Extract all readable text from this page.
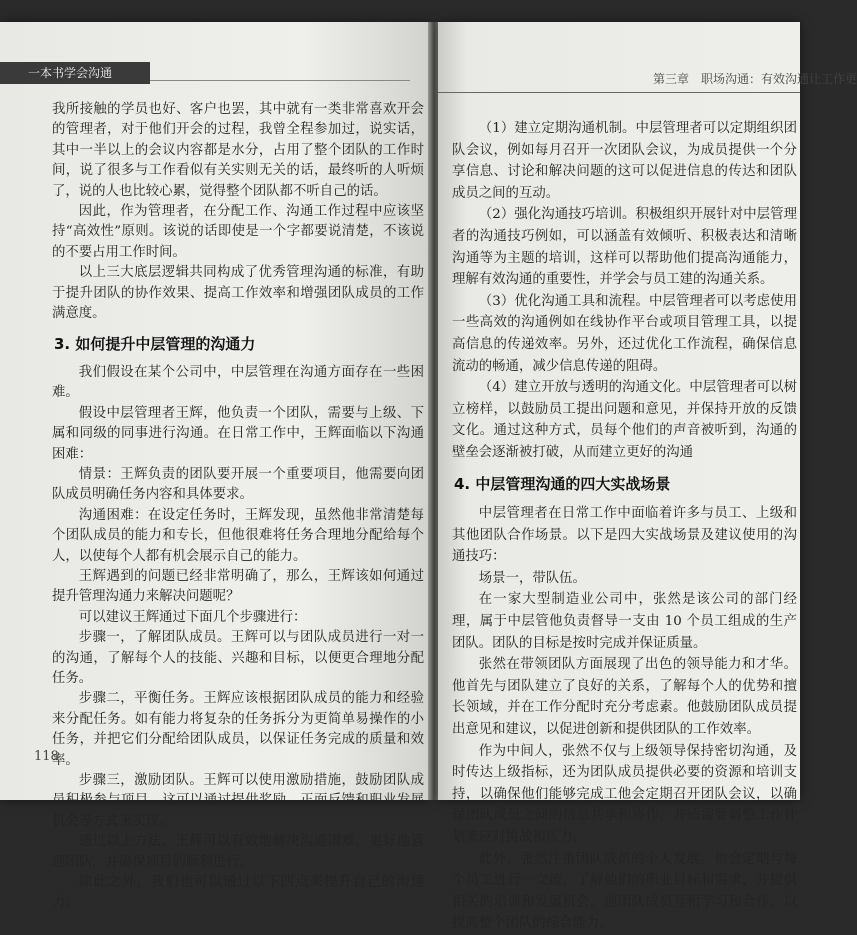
一本书学会沟通

我所接触的学员也好、客户也罢，其中就有一类非常喜欢开会的管理者，对于他们开会的过程，我曾全程参加过，说实话，其中一半以上的会议内容都是水分，占用了整个团队的工作时间，说了很多与工作看似有关实则无关的话，最终听的人听烦了，说的人也比较心累，觉得整个团队都不听自己的话。

因此，作为管理者，在分配工作、沟通工作过程中应该坚持“高效性”原则。该说的话即使是一个字都要说清楚，不该说的不要占用工作时间。

以上三大底层逻辑共同构成了优秀管理沟通的标准，有助于提升团队的协作效果、提高工作效率和增强团队成员的工作满意度。

3. 如何提升中层管理的沟通力

我们假设在某个公司中，中层管理在沟通方面存在一些困难。

假设中层管理者王辉，他负责一个团队，需要与上级、下属和同级的同事进行沟通。在日常工作中，王辉面临以下沟通困难：

情景：王辉负责的团队要开展一个重要项目，他需要向团队成员明确任务内容和具体要求。

沟通困难：在设定任务时，王辉发现，虽然他非常清楚每个团队成员的能力和专长，但他很难将任务合理地分配给每个人，以使每个人都有机会展示自己的能力。

王辉遇到的问题已经非常明确了，那么，王辉该如何通过提升管理沟通力来解决问题呢？

可以建议王辉通过下面几个步骤进行：

步骤一，了解团队成员。王辉可以与团队成员进行一对一的沟通，了解每个人的技能、兴趣和目标，以便更合理地分配任务。

步骤二，平衡任务。王辉应该根据团队成员的能力和经验来分配任务。如有能力将复杂的任务拆分为更简单易操作的小任务，并把它们分配给团队成员，以保证任务完成的质量和效率。

步骤三，激励团队。王辉可以使用激励措施，鼓励团队成员积极参与项目。这可以通过提供奖励、正面反馈和职业发展机会等方式来实现。

通过以上方法，王辉可以有效地解决沟通困难，更好地管理团队，并确保项目的顺利进行。

除此之外，我们也可以通过以下四点来提升自己的沟通力：

118
第三章　职场沟通：有效沟通让工作更

（1）建立定期沟通机制。中层管理者可以定期组织团队会议，例如每月召开一次团队会议，为成员提供一个分享信息、讨论和解决问题的这可以促进信息的传达和团队成员之间的互动。

（2）强化沟通技巧培训。积极组织开展针对中层管理者的沟通技巧例如，可以涵盖有效倾听、积极表达和清晰沟通等为主题的培训，这样可以帮助他们提高沟通能力，理解有效沟通的重要性，并学会与员工建的沟通关系。

（3）优化沟通工具和流程。中层管理者可以考虑使用一些高效的沟通例如在线协作平台或项目管理工具，以提高信息的传递效率。另外，还过优化工作流程，确保信息流动的畅通，减少信息传递的阻碍。

（4）建立开放与透明的沟通文化。中层管理者可以树立榜样，以鼓励员工提出问题和意见，并保持开放的反馈文化。通过这种方式，员每个他们的声音被听到，沟通的壁垒会逐渐被打破，从而建立更好的沟通

4. 中层管理沟通的四大实战场景

中层管理者在日常工作中面临着许多与员工、上级和其他团队合作场景。以下是四大实战场景及建议使用的沟通技巧：

场景一，带队伍。

在一家大型制造业公司中，张然是该公司的部门经理，属于中层管他负责督导一支由 10 个员工组成的生产团队。团队的目标是按时完成并保证质量。

张然在带领团队方面展现了出色的领导能力和才华。他首先与团队建立了良好的关系，了解每个人的优势和擅长领域，并在工作分配时充分考虑素。他鼓励团队成员提出意见和建议，以促进创新和提供团队的工作效率。

作为中间人，张然不仅与上级领导保持密切沟通，及时传达上级指标，还为团队成员提供必要的资源和培训支持，以确保他们能够完成工他会定期召开团队会议，以确保团队成员之间的信息共享和协作，并适需要调整工作计划来应对挑战和压力。

此外，张然注重团队成员的个人发展。他会定期与每个员工进行一交流，了解他们的职业目标和需求，并提供相关的培训和发展机会。他团队成员互相学习和合作，以提高整个团队的综合能力。
